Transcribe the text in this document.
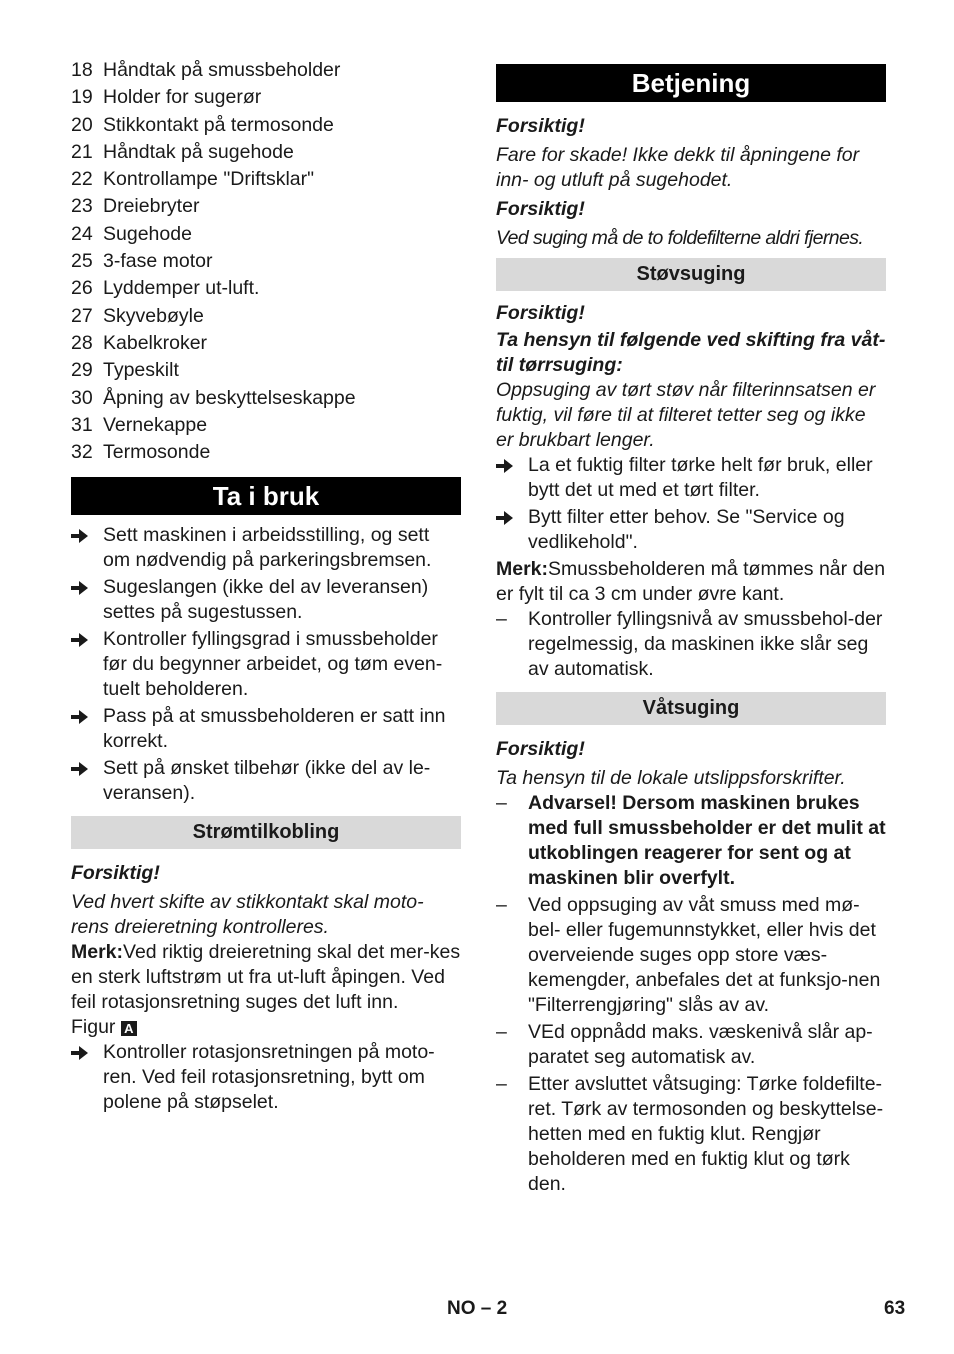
18 Håndtak på smussbeholder
19 Holder for sugerør
20 Stikkontakt på termosonde
21 Håndtak på sugehode
22 Kontrollampe "Driftsklar"
23 Dreiebryter
24 Sugehode
25 3-fase motor
26 Lyddemper ut-luft.
27 Skyvebøyle
28 Kabelkroker
29 Typeskilt
30 Åpning av beskyttelseskappe
31 Vernekappe
32 Termosonde
Ta i bruk
Sett maskinen i arbeidsstilling, og sett om nødvendig på parkeringsbremsen.
Sugeslangen (ikke del av leveransen) settes på sugestussen.
Kontroller fyllingsgrad i smussbeholder før du begynner arbeidet, og tøm even-tuelt beholderen.
Pass på at smussbeholderen er satt inn korrekt.
Sett på ønsket tilbehør (ikke del av le-veransen).
Strømtilkobling
Forsiktig!
Ved hvert skifte av stikkontakt skal moto-rens dreieretning kontrolleres.
Merk:Ved riktig dreieretning skal det mer-kes en sterk luftstrøm ut fra ut-luft åpingen. Ved feil rotasjonsretning suges det luft inn.
Figur A
Kontroller rotasjonsretningen på moto-ren. Ved feil rotasjonsretning, bytt om polene på støpselet.
Betjening
Forsiktig!
Fare for skade! Ikke dekk til åpningene for inn- og utluft på sugehodet.
Forsiktig!
Ved suging må de to foldefilterne aldri fjernes.
Støvsuging
Forsiktig!
Ta hensyn til følgende ved skifting fra våt- til tørrsuging:
Oppsuging av tørt støv når filterinnsatsen er fuktig, vil føre til at filteret tetter seg og ikke er brukbart lenger.
La et fuktig filter tørke helt før bruk, eller bytt det ut med et tørt filter.
Bytt filter etter behov. Se "Service og vedlikehold".
Merk:Smussbeholderen må tømmes når den er fylt til ca 3 cm under øvre kant.
–	Kontroller fyllingsnivå av smussbehol-der regelmessig, da maskinen ikke slår seg av automatisk.
Våtsuging
Forsiktig!
Ta hensyn til de lokale utslippsforskrifter.
–	Advarsel! Dersom maskinen brukes med full smussbeholder er det mulit at utkoblingen reagerer for sent og at maskinen blir overfylt.
–	Ved oppsuging av våt smuss med mø-bel- eller fugemunnstykket, eller hvis det overveiende suges opp store væs-kemengder, anbefales det at funksjo-nen "Filterrengjøring" slås av av.
–	VEd oppnådd maks. væskenivå slår ap-paratet seg automatisk av.
–	Etter avsluttet våtsuging: Tørke foldefilte-ret. Tørk av termosonden og beskyttelse-hetten med en fuktig klut. Rengjør beholderen med en fuktig klut og tørk den.
NO – 2	63
